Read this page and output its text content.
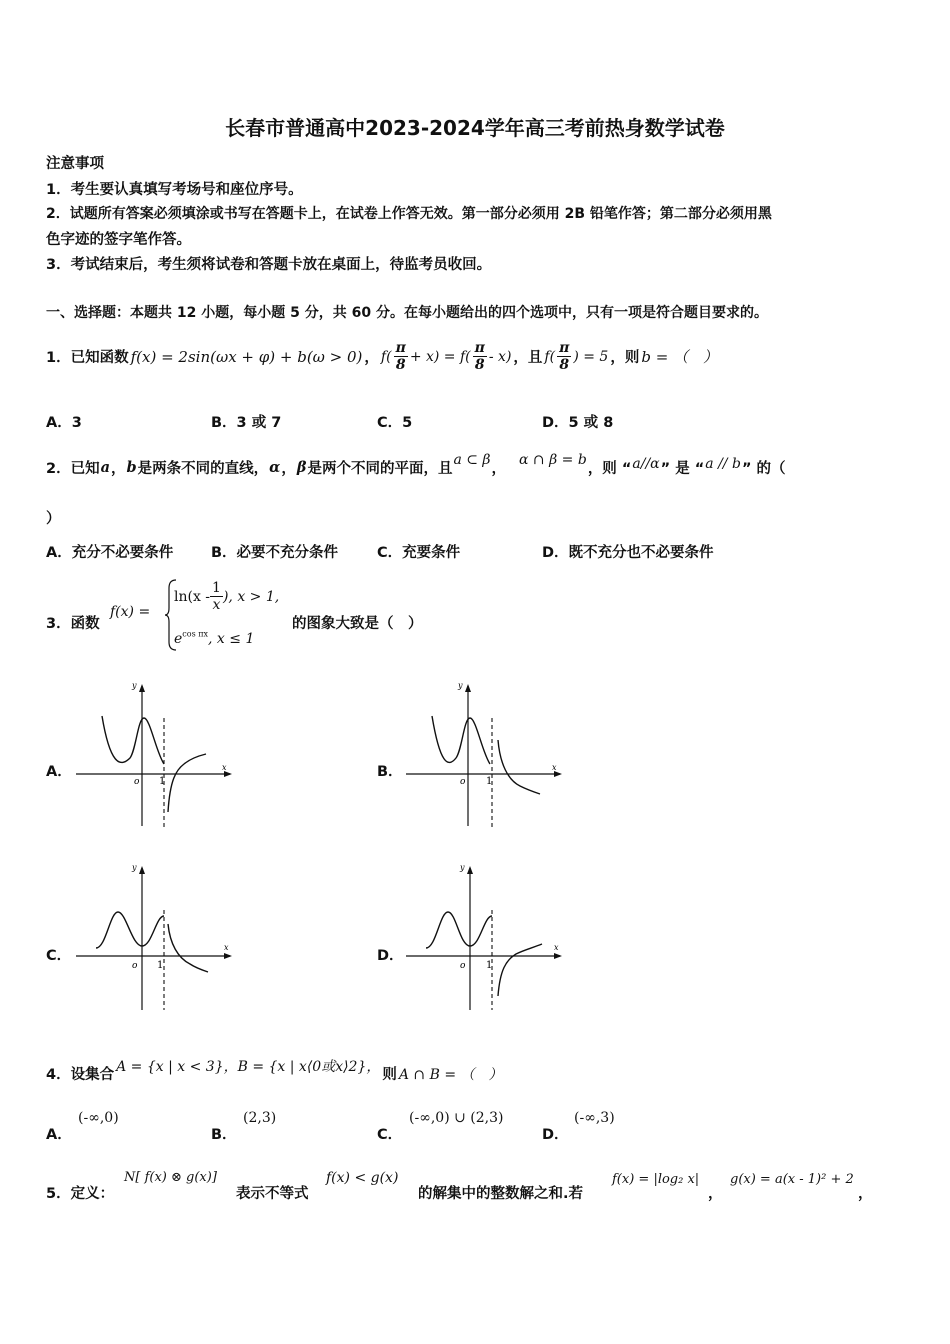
长春市普通高中2023-2024学年高三考前热身数学试卷
注意事项
1．考生要认真填写考场号和座位序号。
2．试题所有答案必须填涂或书写在答题卡上，在试卷上作答无效。第一部分必须用 2B 铅笔作答；第二部分必须用黑
色字迹的签字笔作答。
3．考试结束后，考生须将试卷和答题卡放在桌面上，待监考员收回。
一、选择题：本题共 12 小题，每小题 5 分，共 60 分。在每小题给出的四个选项中，只有一项是符合题目要求的。
1．已知函数 f(x) = 2sin(ωx + φ) + b(ω > 0) ， $f( \frac{\pi}{8} + x) = f( \frac{\pi}{8} - x)$ ，且 $f( \frac{\pi}{8}$ ) = 5 ，则 b = （　）
A．3	B．3 或 7	C．5	D．5 或 8
2．已知 a ， b 是两条不同的直线， α ， β 是两个不同的平面，且
a ⊂ β
，
α ∩ β = b
，则 “ a//α ” 是 “ a // b ” 的（
）
A．充分不必要条件	B．必要不充分条件	C．充要条件	D．既不充分也不必要条件
3．函数
f(x) =
$\ln(x - \frac{1}{x}$ ), x > 1,
$e^{cos \pi x}$, x ≤ 1
的图象大致是（　）
A．	B．
C．	D．
y
x
o 1
y
x
o 1
y
x
o 1
y
x
o 1
4．设集合
A = {x | x < 3}，B = {x | x⟨0或x⟩2}，
则 A ∩ B = （　）
A．
(-∞,0)
B．
(2,3)
C．
(-∞,0) ∪ (2,3)
D．
(-∞,3)
5．定义：
N[ f(x) ⊗ g(x)]
表示不等式
f(x) < g(x)
的解集中的整数解之和.若
f(x) = |log₂ x|
，
g(x) = a(x - 1)² + 2
，
